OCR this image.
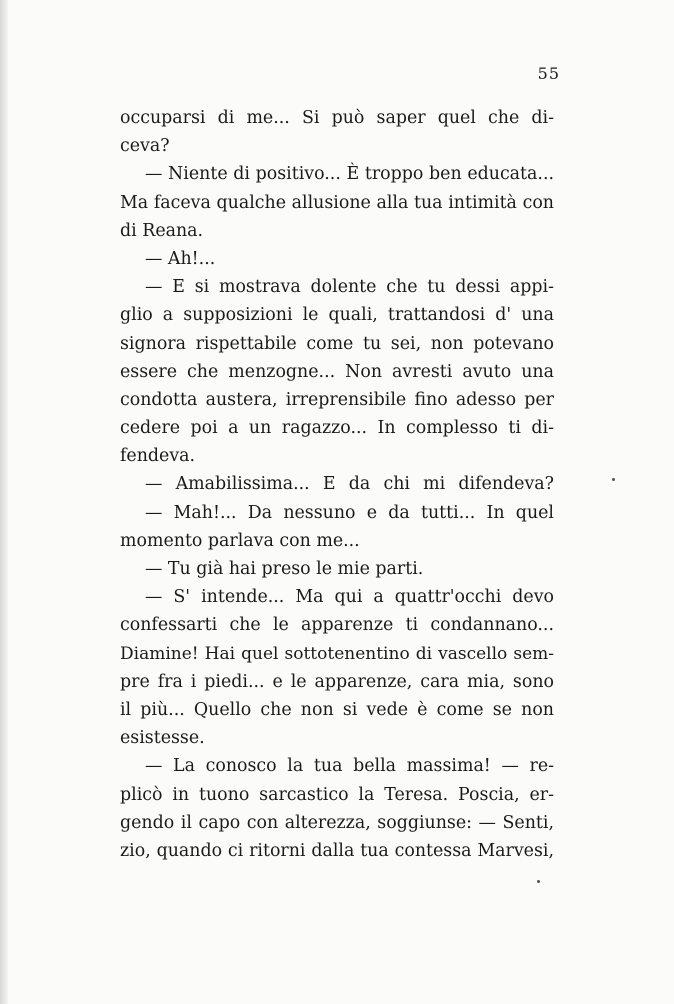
55
occuparsi di me... Si può saper quel che di-
ceva?
— Niente di positivo... È troppo ben educata...
Ma faceva qualche allusione alla tua intimità con
di Reana.
— Ah!...
— E si mostrava dolente che tu dessi appi-
glio a supposizioni le quali, trattandosi d' una
signora rispettabile come tu sei, non potevano
essere che menzogne... Non avresti avuto una
condotta austera, irreprensibile fino adesso per
cedere poi a un ragazzo... In complesso ti di-
fendeva.
— Amabilissima... E da chi mi difendeva?
— Mah!... Da nessuno e da tutti... In quel
momento parlava con me...
— Tu già hai preso le mie parti.
— S' intende... Ma qui a quattr'occhi devo
confessarti che le apparenze ti condannano...
Diamine! Hai quel sottotenentino di vascello sem-
pre fra i piedi... e le apparenze, cara mia, sono
il più... Quello che non si vede è come se non
esistesse.
— La conosco la tua bella massima! — re-
plicò in tuono sarcastico la Teresa. Poscia, er-
gendo il capo con alterezza, soggiunse: — Senti,
zio, quando ci ritorni dalla tua contessa Marvesi,
